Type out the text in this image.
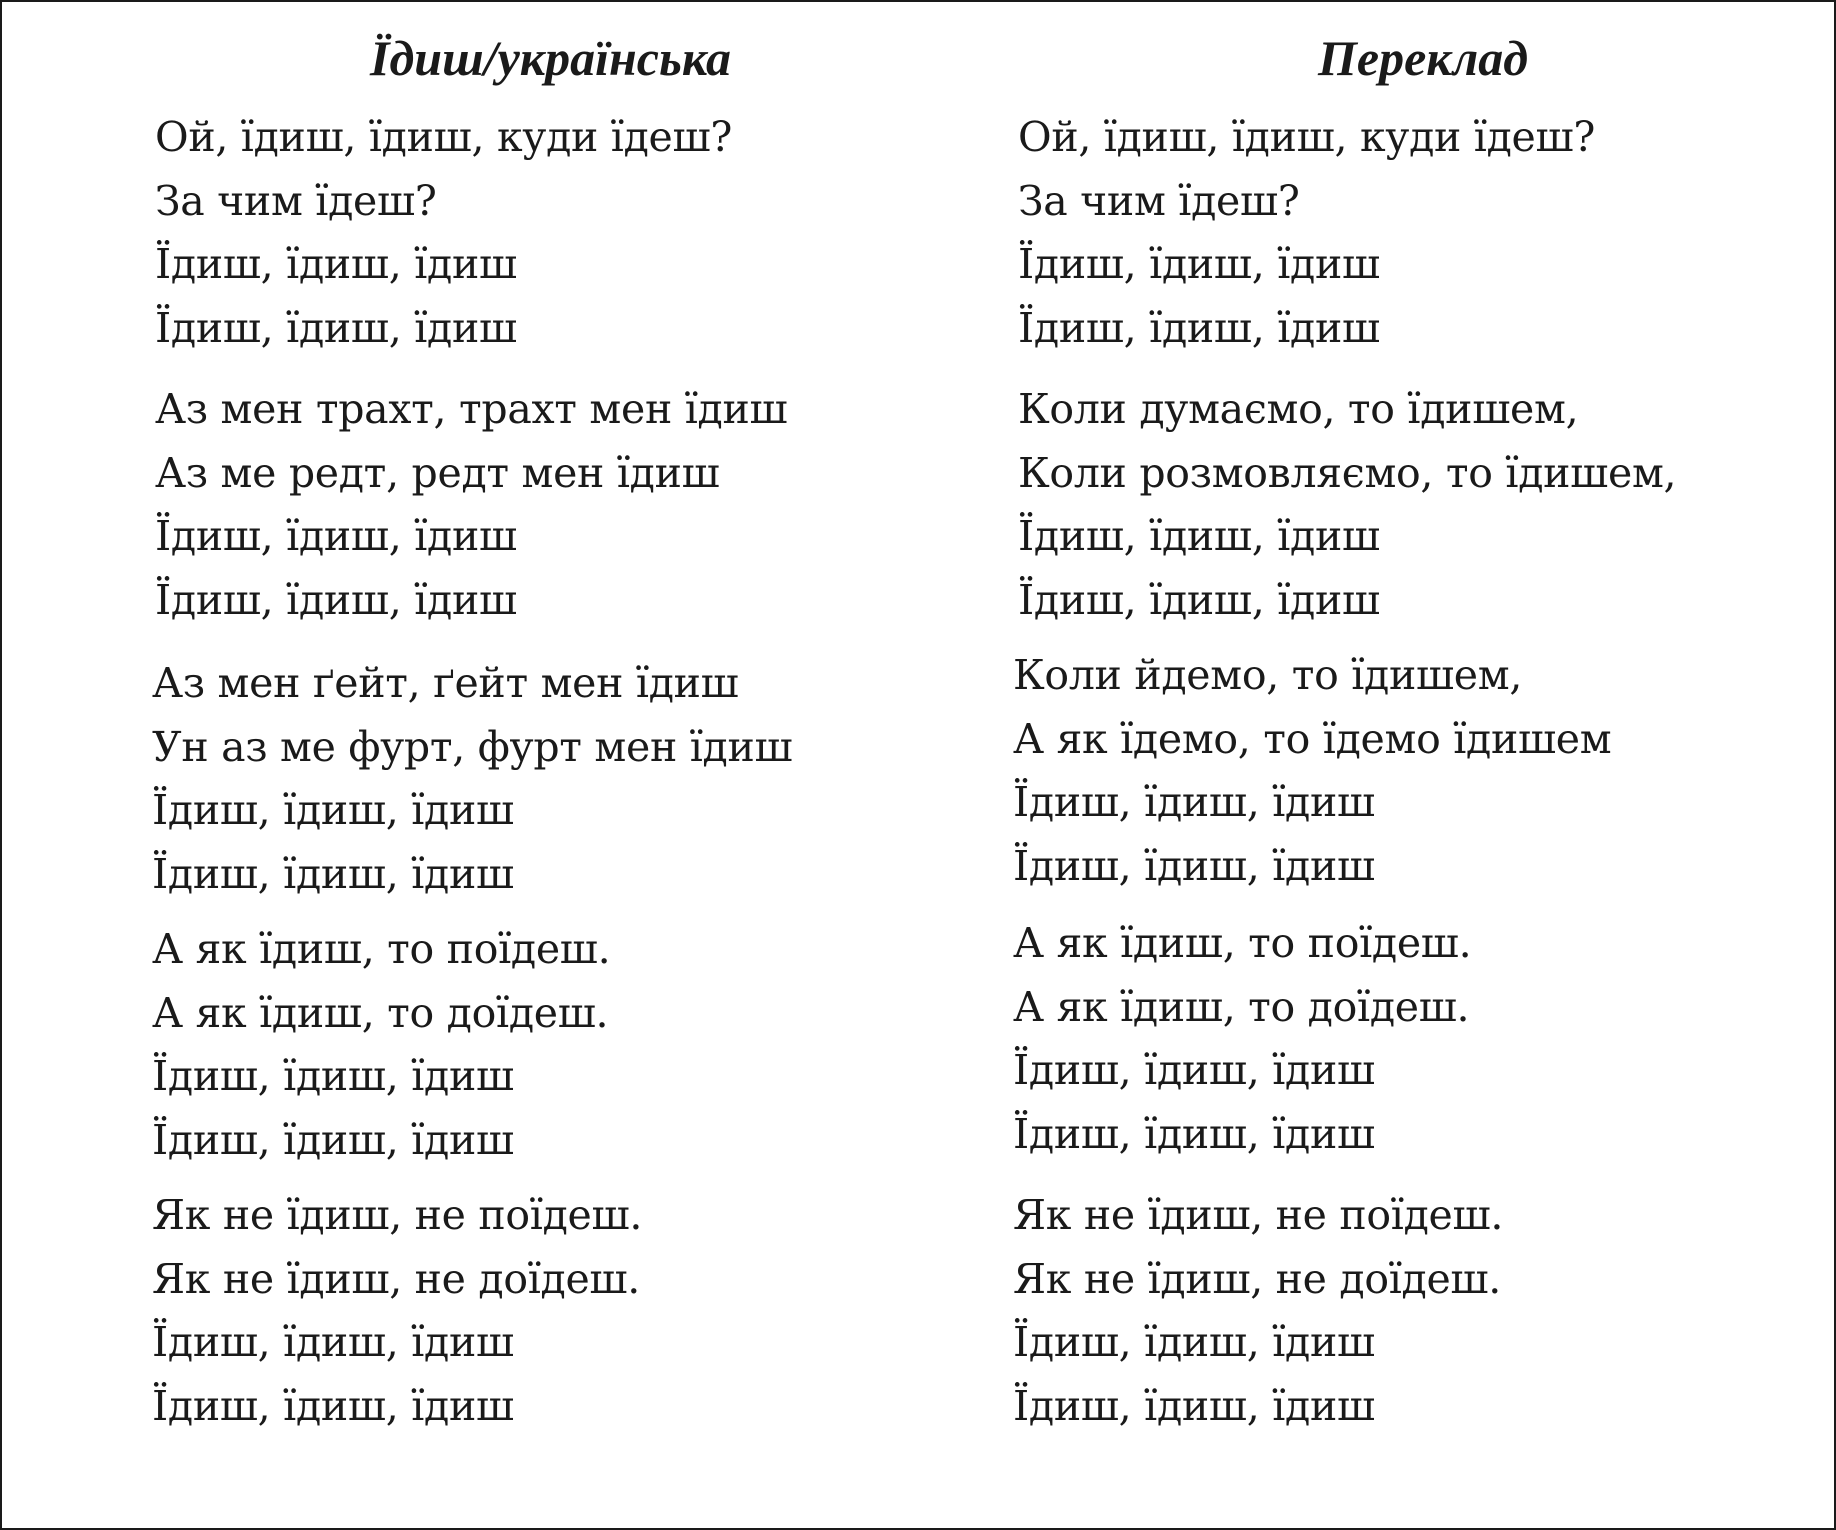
Їдиш/українська
Ой, їдиш, їдиш, куди їдеш?
За чим їдеш?
Їдиш, їдиш, їдиш
Їдиш, їдиш, їдиш
Аз мен трахт, трахт мен їдиш
Аз ме редт, редт мен їдиш
Їдиш, їдиш, їдиш
Їдиш, їдиш, їдиш
Аз мен ґейт, ґейт мен їдиш
Ун аз ме фурт, фурт мен їдиш
Їдиш, їдиш, їдиш
Їдиш, їдиш, їдиш
А як їдиш, то поїдеш.
А як їдиш, то доїдеш.
Їдиш, їдиш, їдиш
Їдиш, їдиш, їдиш
Як не їдиш, не поїдеш.
Як не їдиш, не доїдеш.
Їдиш, їдиш, їдиш
Їдиш, їдиш, їдиш
Переклад
Ой, їдиш, їдиш, куди їдеш?
За чим їдеш?
Їдиш, їдиш, їдиш
Їдиш, їдиш, їдиш
Коли думаємо, то їдишем,
Коли розмовляємо, то їдишем,
Їдиш, їдиш, їдиш
Їдиш, їдиш, їдиш
Коли йдемо, то їдишем,
А як їдемо, то їдемо їдишем
Їдиш, їдиш, їдиш
Їдиш, їдиш, їдиш
А як їдиш, то поїдеш.
А як їдиш, то доїдеш.
Їдиш, їдиш, їдиш
Їдиш, їдиш, їдиш
Як не їдиш, не поїдеш.
Як не їдиш, не доїдеш.
Їдиш, їдиш, їдиш
Їдиш, їдиш, їдиш
